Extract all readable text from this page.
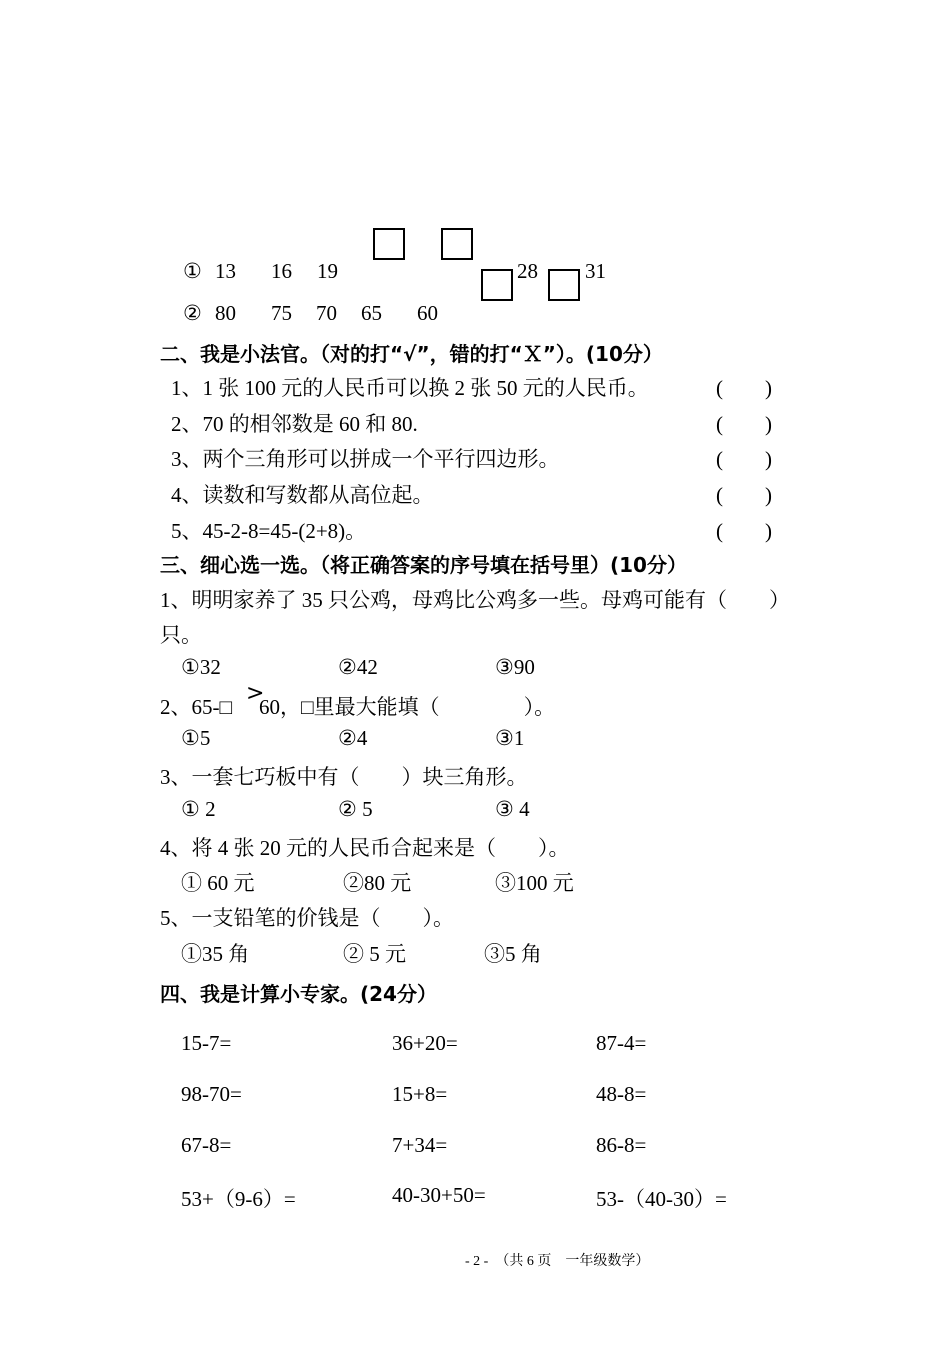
① 13 16 19	28 31
② 80 75 70 65 60
二、我是小法官。（对的打“√”，错的打“Ｘ”）。(10分）
1、1 张 100 元的人民币可以换 2 张 50 元的人民币。	(　　)
2、70 的相邻数是 60 和 80.	(　　)
3、两个三角形可以拼成一个平行四边形。	(　　)
4、读数和写数都从高位起。	(　　)
5、45-2-8=45-(2+8)。	(　　)
三、细心选一选。（将正确答案的序号填在括号里）(10分）
1、明明家养了 35 只公鸡，母鸡比公鸡多一些。母鸡可能有（　　）
只。
①32	②42	③90
2、65-□
>
60，□里最大能填（　　　　）。
①5	②4	③1
3、一套七巧板中有（　　）块三角形。
① 2	② 5	③ 4
4、将 4 张 20 元的人民币合起来是（　　）。
① 60 元	②80 元	③100 元
5、一支铅笔的价钱是（　　）。
①35 角	② 5 元	③5 角
四、我是计算小专家。(24分）
15-7=	36+20=	87-4=
98-70=	15+8=	48-8=
67-8=	7+34=	86-8=
53+（9-6）=	40-30+50=	53-（40-30）=
- 2 -　（共 6 页　一年级数学）
